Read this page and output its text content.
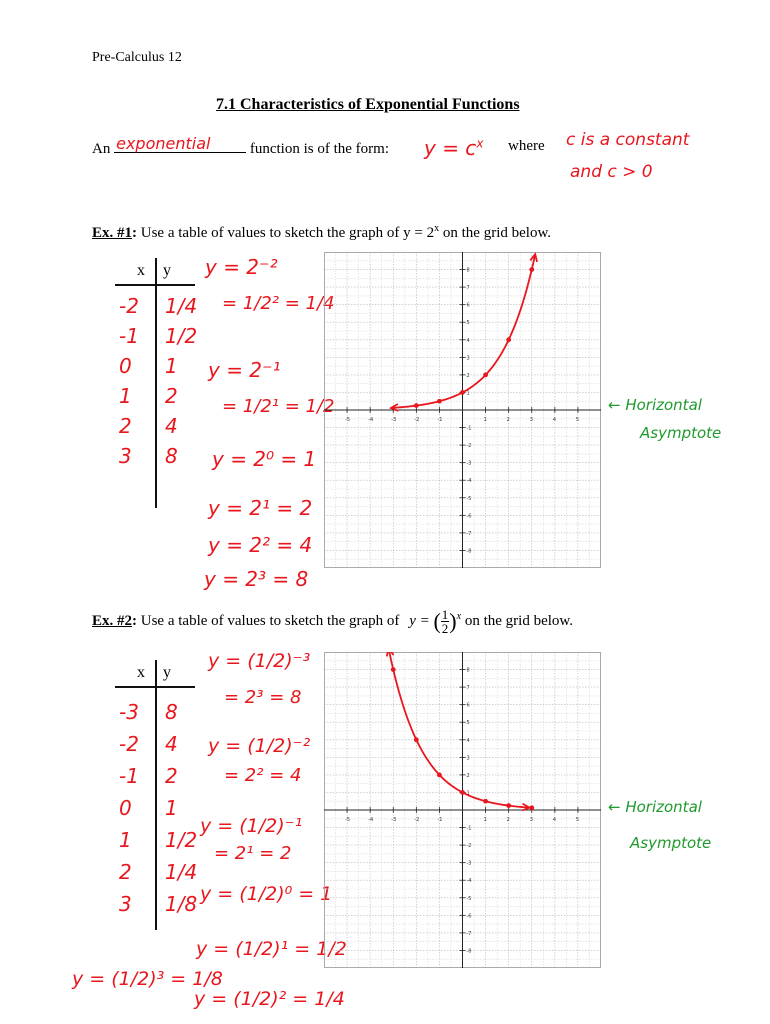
Pre-Calculus 12
7.1 Characteristics of Exponential Functions
An exponential	function is of the form: $y = c^x$ where c is a constant
and c > 0
Ex. #1: Use a table of values to sketch the graph of $y = 2^x$ on the grid below.
x y
-2 1/4
-1 1/2
0 1
1 2
2 4
3 8
y = 2⁻²
= 1/2² = 1/4
y = 2⁻¹
= 1/2¹ = 1/2
y = 2⁰ = 1
y = 2¹ = 2
y = 2² = 4
y = 2³ = 8
-5	-4	-3	-2	-1	1	2	3	4	5
8
7
6
5
4
3
2
1
-1
-2
-3
-4
-5
-6
-7
-8
← Horizontal
Asymptote
Ex. #2: Use a table of values to sketch the graph of y = ( $\frac{1}{2} )^x$ on the grid below.
x y
-3 8
-2 4
-1 2
0 1
1 1/2
2 1/4
3 1/8
y = (1/2)⁻³
= 2³ = 8
y = (1/2)⁻²
= 2² = 4
y = (1/2)⁻¹
= 2¹ = 2
y = (1/2)⁰ = 1
y = (1/2)¹ = 1/2
y = (1/2)² = 1/4
y = (1/2)³ = 1/8
-5	-4	-3	-2	-1	1	2	3	4	5
8
7
6
5
4
3
2
1
-1
-2
-3
-4
-5
-6
-7
-8
← Horizontal
Asymptote
